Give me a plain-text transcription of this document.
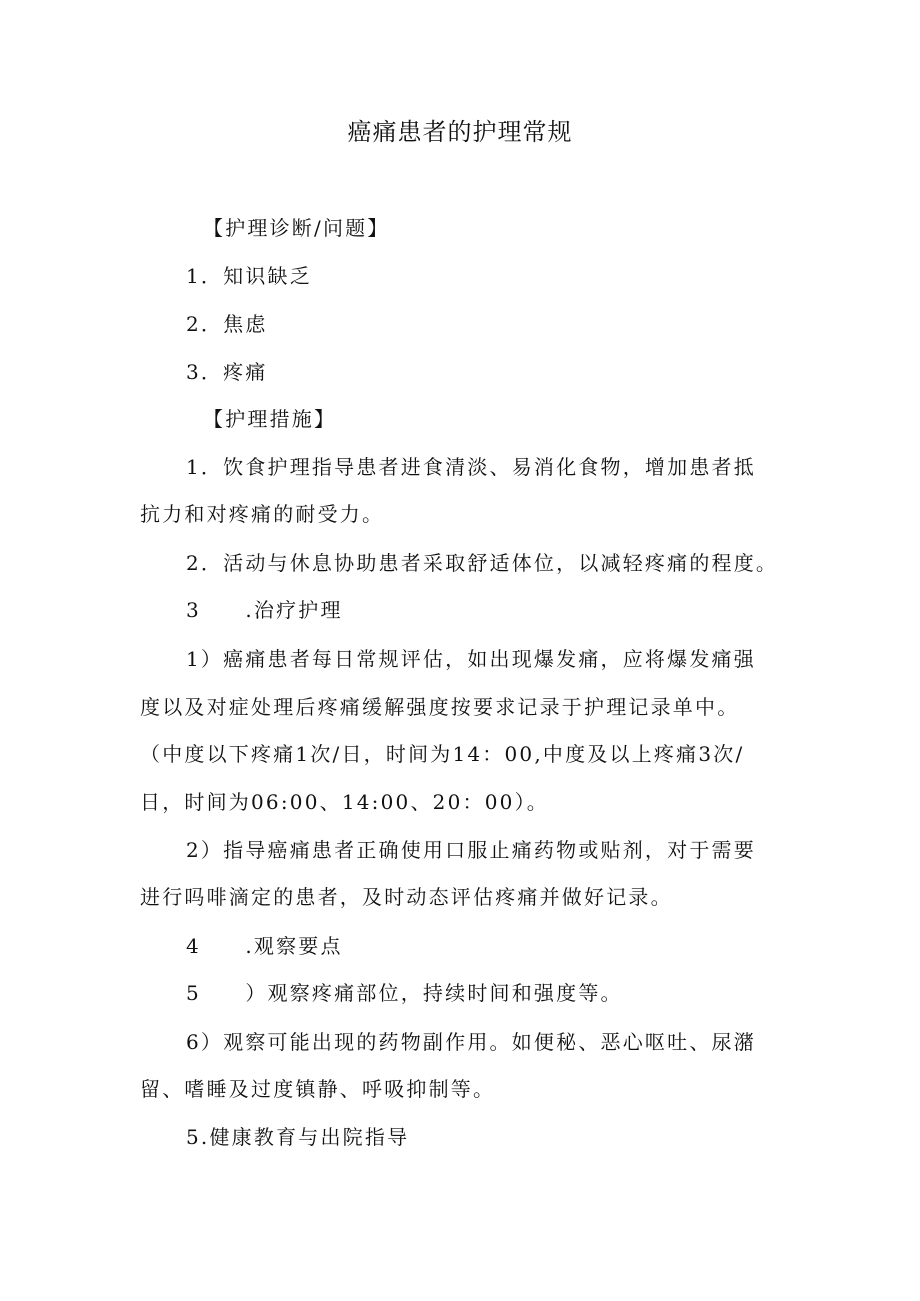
癌痛患者的护理常规
【护理诊断/问题】
1．知识缺乏
2．焦虑
3．疼痛
【护理措施】
1．饮食护理指导患者进食清淡、易消化食物，增加患者抵
抗力和对疼痛的耐受力。
2．活动与休息协助患者采取舒适体位，以减轻疼痛的程度。
3　　.治疗护理
1）癌痛患者每日常规评估，如出现爆发痛，应将爆发痛强
度以及对症处理后疼痛缓解强度按要求记录于护理记录单中。
（中度以下疼痛1次/日，时间为14：00,中度及以上疼痛3次/
日，时间为06:00、14:00、20：00）。
2）指导癌痛患者正确使用口服止痛药物或贴剂，对于需要
进行吗啡滴定的患者，及时动态评估疼痛并做好记录。
4　　.观察要点
5　　）观察疼痛部位，持续时间和强度等。
6）观察可能出现的药物副作用。如便秘、恶心呕吐、尿潴
留、嗜睡及过度镇静、呼吸抑制等。
5.健康教育与出院指导
